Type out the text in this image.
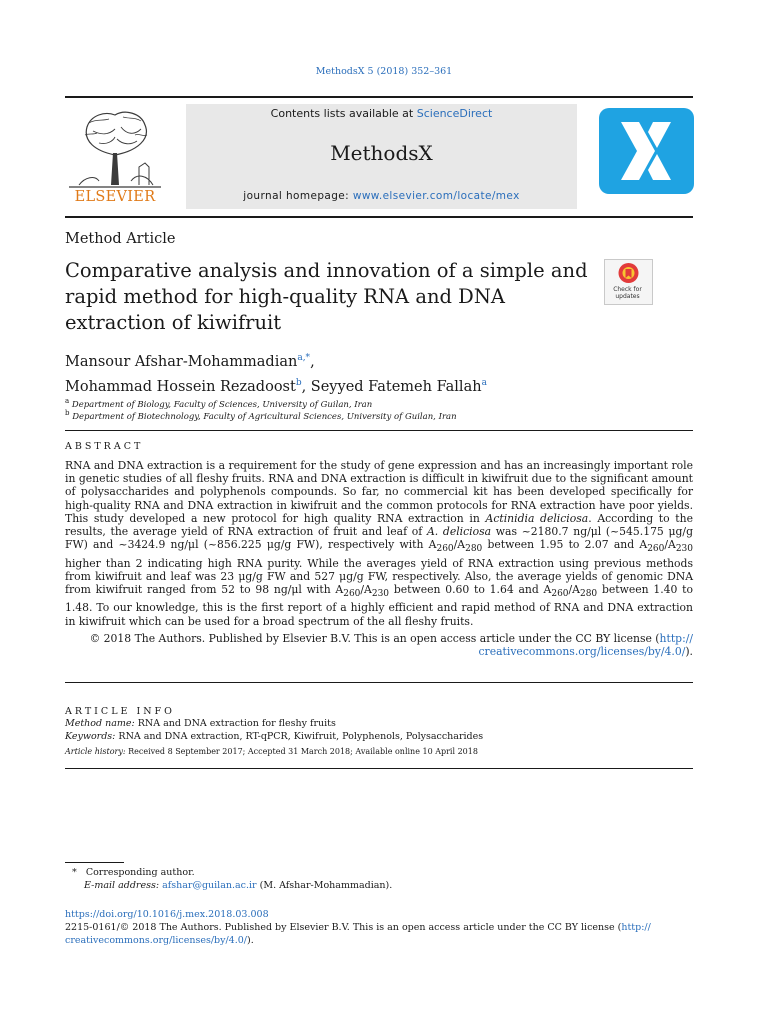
MethodsX 5 (2018) 352–361
ELSEVIER
Contents lists available at ScienceDirect
MethodsX
journal homepage: www.elsevier.com/locate/mex
Method Article
Comparative analysis and innovation of a simple and rapid method for high-quality RNA and DNA extraction of kiwifruit
Check for updates
Mansour Afshar-Mohammadian$^{a,*}$,
Mohammad Hossein Rezadoost$^b$, Seyyed Fatemeh Fallah$^a$
$^a$ Department of Biology, Faculty of Sciences, University of Guilan, Iran
$^b$ Department of Biotechnology, Faculty of Agricultural Sciences, University of Guilan, Iran
ABSTRACT
RNA and DNA extraction is a requirement for the study of gene expression and has an increasingly important role in genetic studies of all fleshy fruits. RNA and DNA extraction is difficult in kiwifruit due to the significant amount of polysaccharides and polyphenols compounds. So far, no commercial kit has been developed specifically for high-quality RNA and DNA extraction in kiwifruit and the common protocols for RNA extraction have poor yields. This study developed a new protocol for high quality RNA extraction in Actinidia deliciosa. According to the results, the average yield of RNA extraction of fruit and leaf of A. deliciosa was ~2180.7 ng/μl (~545.175 μg/g FW) and ~3424.9 ng/μl (~856.225 μg/g FW), respectively with $A_{260}/A_{280}$ between 1.95 to 2.07 and $A_{260}/A_{230}$ higher than 2 indicating high RNA purity. While the averages yield of RNA extraction using previous methods from kiwifruit and leaf was 23 μg/g FW and 527 μg/g FW, respectively. Also, the average yields of genomic DNA from kiwifruit ranged from 52 to 98 ng/μl with $A_{260}/A_{230}$ between 0.60 to 1.64 and $A_{260}/A_{280}$ between 1.40 to 1.48. To our knowledge, this is the first report of a highly efficient and rapid method of RNA and DNA extraction in kiwifruit which can be used for a broad spectrum of the all fleshy fruits.
© 2018 The Authors. Published by Elsevier B.V. This is an open access article under the CC BY license (http://
creativecommons.org/licenses/by/4.0/).
ARTICLE INFO
Method name: RNA and DNA extraction for fleshy fruits
Keywords: RNA and DNA extraction, RT-qPCR, Kiwifruit, Polyphenols, Polysaccharides
Article history: Received 8 September 2017; Accepted 31 March 2018; Available online 10 April 2018
* Corresponding author.
E-mail address: afshar@guilan.ac.ir (M. Afshar-Mohammadian).
https://doi.org/10.1016/j.mex.2018.03.008
2215-0161/© 2018 The Authors. Published by Elsevier B.V. This is an open access article under the CC BY license (http://
creativecommons.org/licenses/by/4.0/).
